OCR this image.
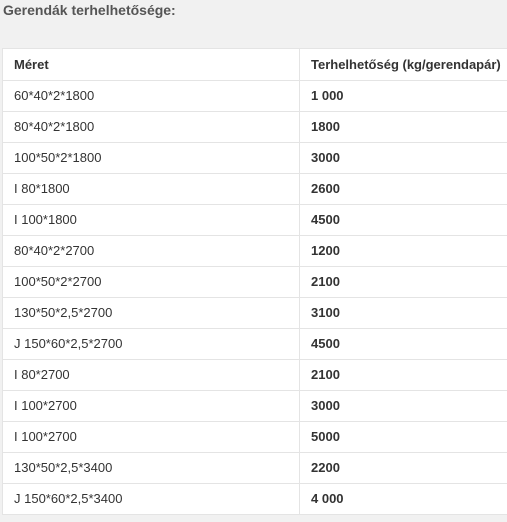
Gerendák terhelhetősége:
Méret	Terhelhetőség (kg/gerendapár)
60*40*2*1800	1 000
80*40*2*1800	1800
100*50*2*1800	3000
I 80*1800	2600
I 100*1800	4500
80*40*2*2700	1200
100*50*2*2700	2100
130*50*2,5*2700	3100
J 150*60*2,5*2700	4500
I 80*2700	2100
I 100*2700	3000
I 100*2700	5000
130*50*2,5*3400	2200
J 150*60*2,5*3400	4 000
